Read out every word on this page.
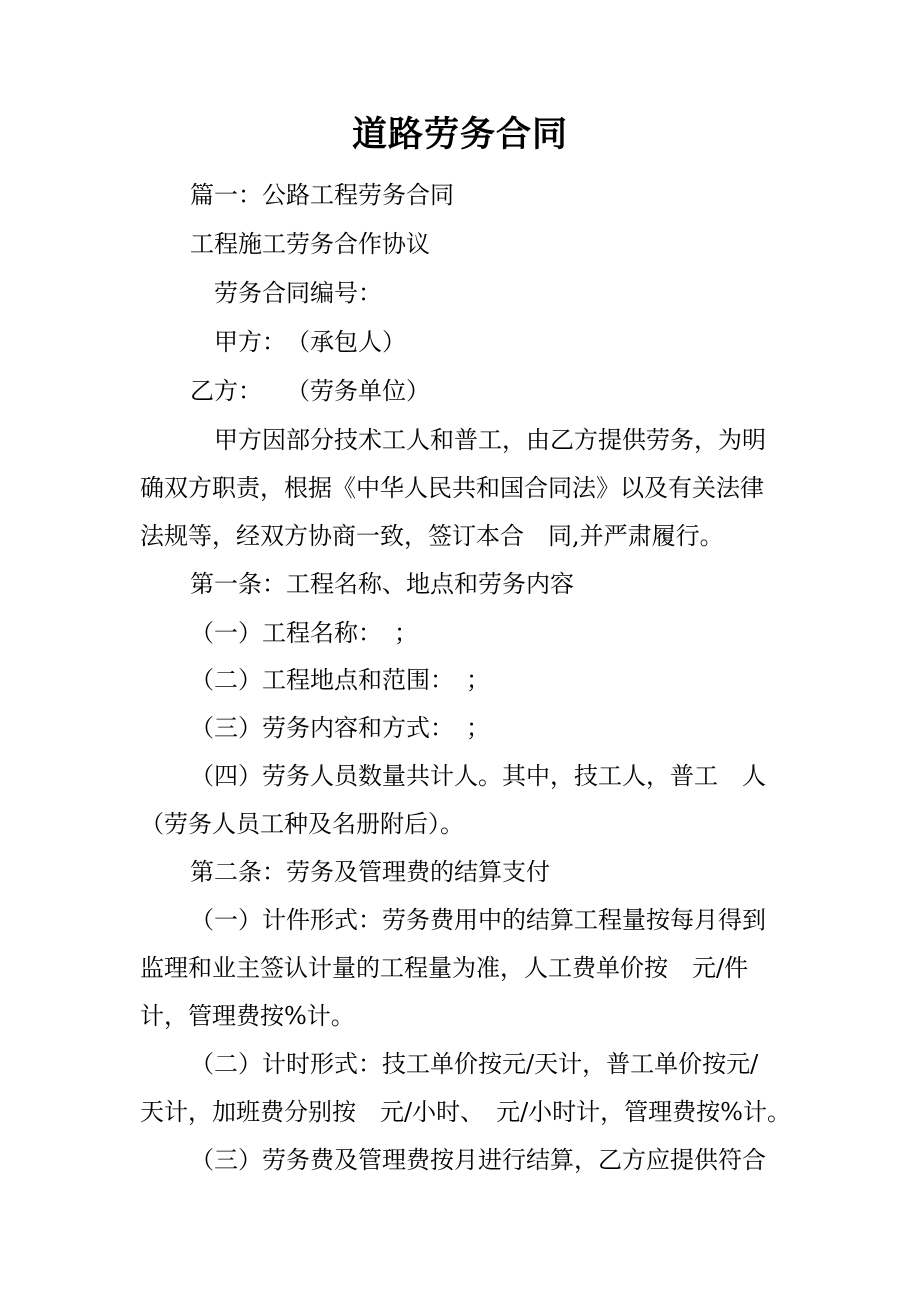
道路劳务合同
篇一：公路工程劳务合同
工程施工劳务合作协议
劳务合同编号：
甲方：　（承包人）
乙方：　　（劳务单位）
甲方因部分技术工人和普工，由乙方提供劳务，为明
确双方职责，根据《中华人民共和国合同法》以及有关法律
法规等，经双方协商一致，签订本合　同,并严肃履行。
第一条：工程名称、地点和劳务内容
（一）工程名称：　；
（二）工程地点和范围：　；
（三）劳务内容和方式：　；
（四）劳务人员数量共计人。其中，技工人，普工　人
（劳务人员工种及名册附后）。
第二条：劳务及管理费的结算支付
（一）计件形式：劳务费用中的结算工程量按每月得到
监理和业主签认计量的工程量为准，人工费单价按　元/件
计，管理费按%计。
（二）计时形式：技工单价按元/天计，普工单价按元/
天计，加班费分别按　元/小时、　元/小时计，管理费按%计。
（三）劳务费及管理费按月进行结算，乙方应提供符合
